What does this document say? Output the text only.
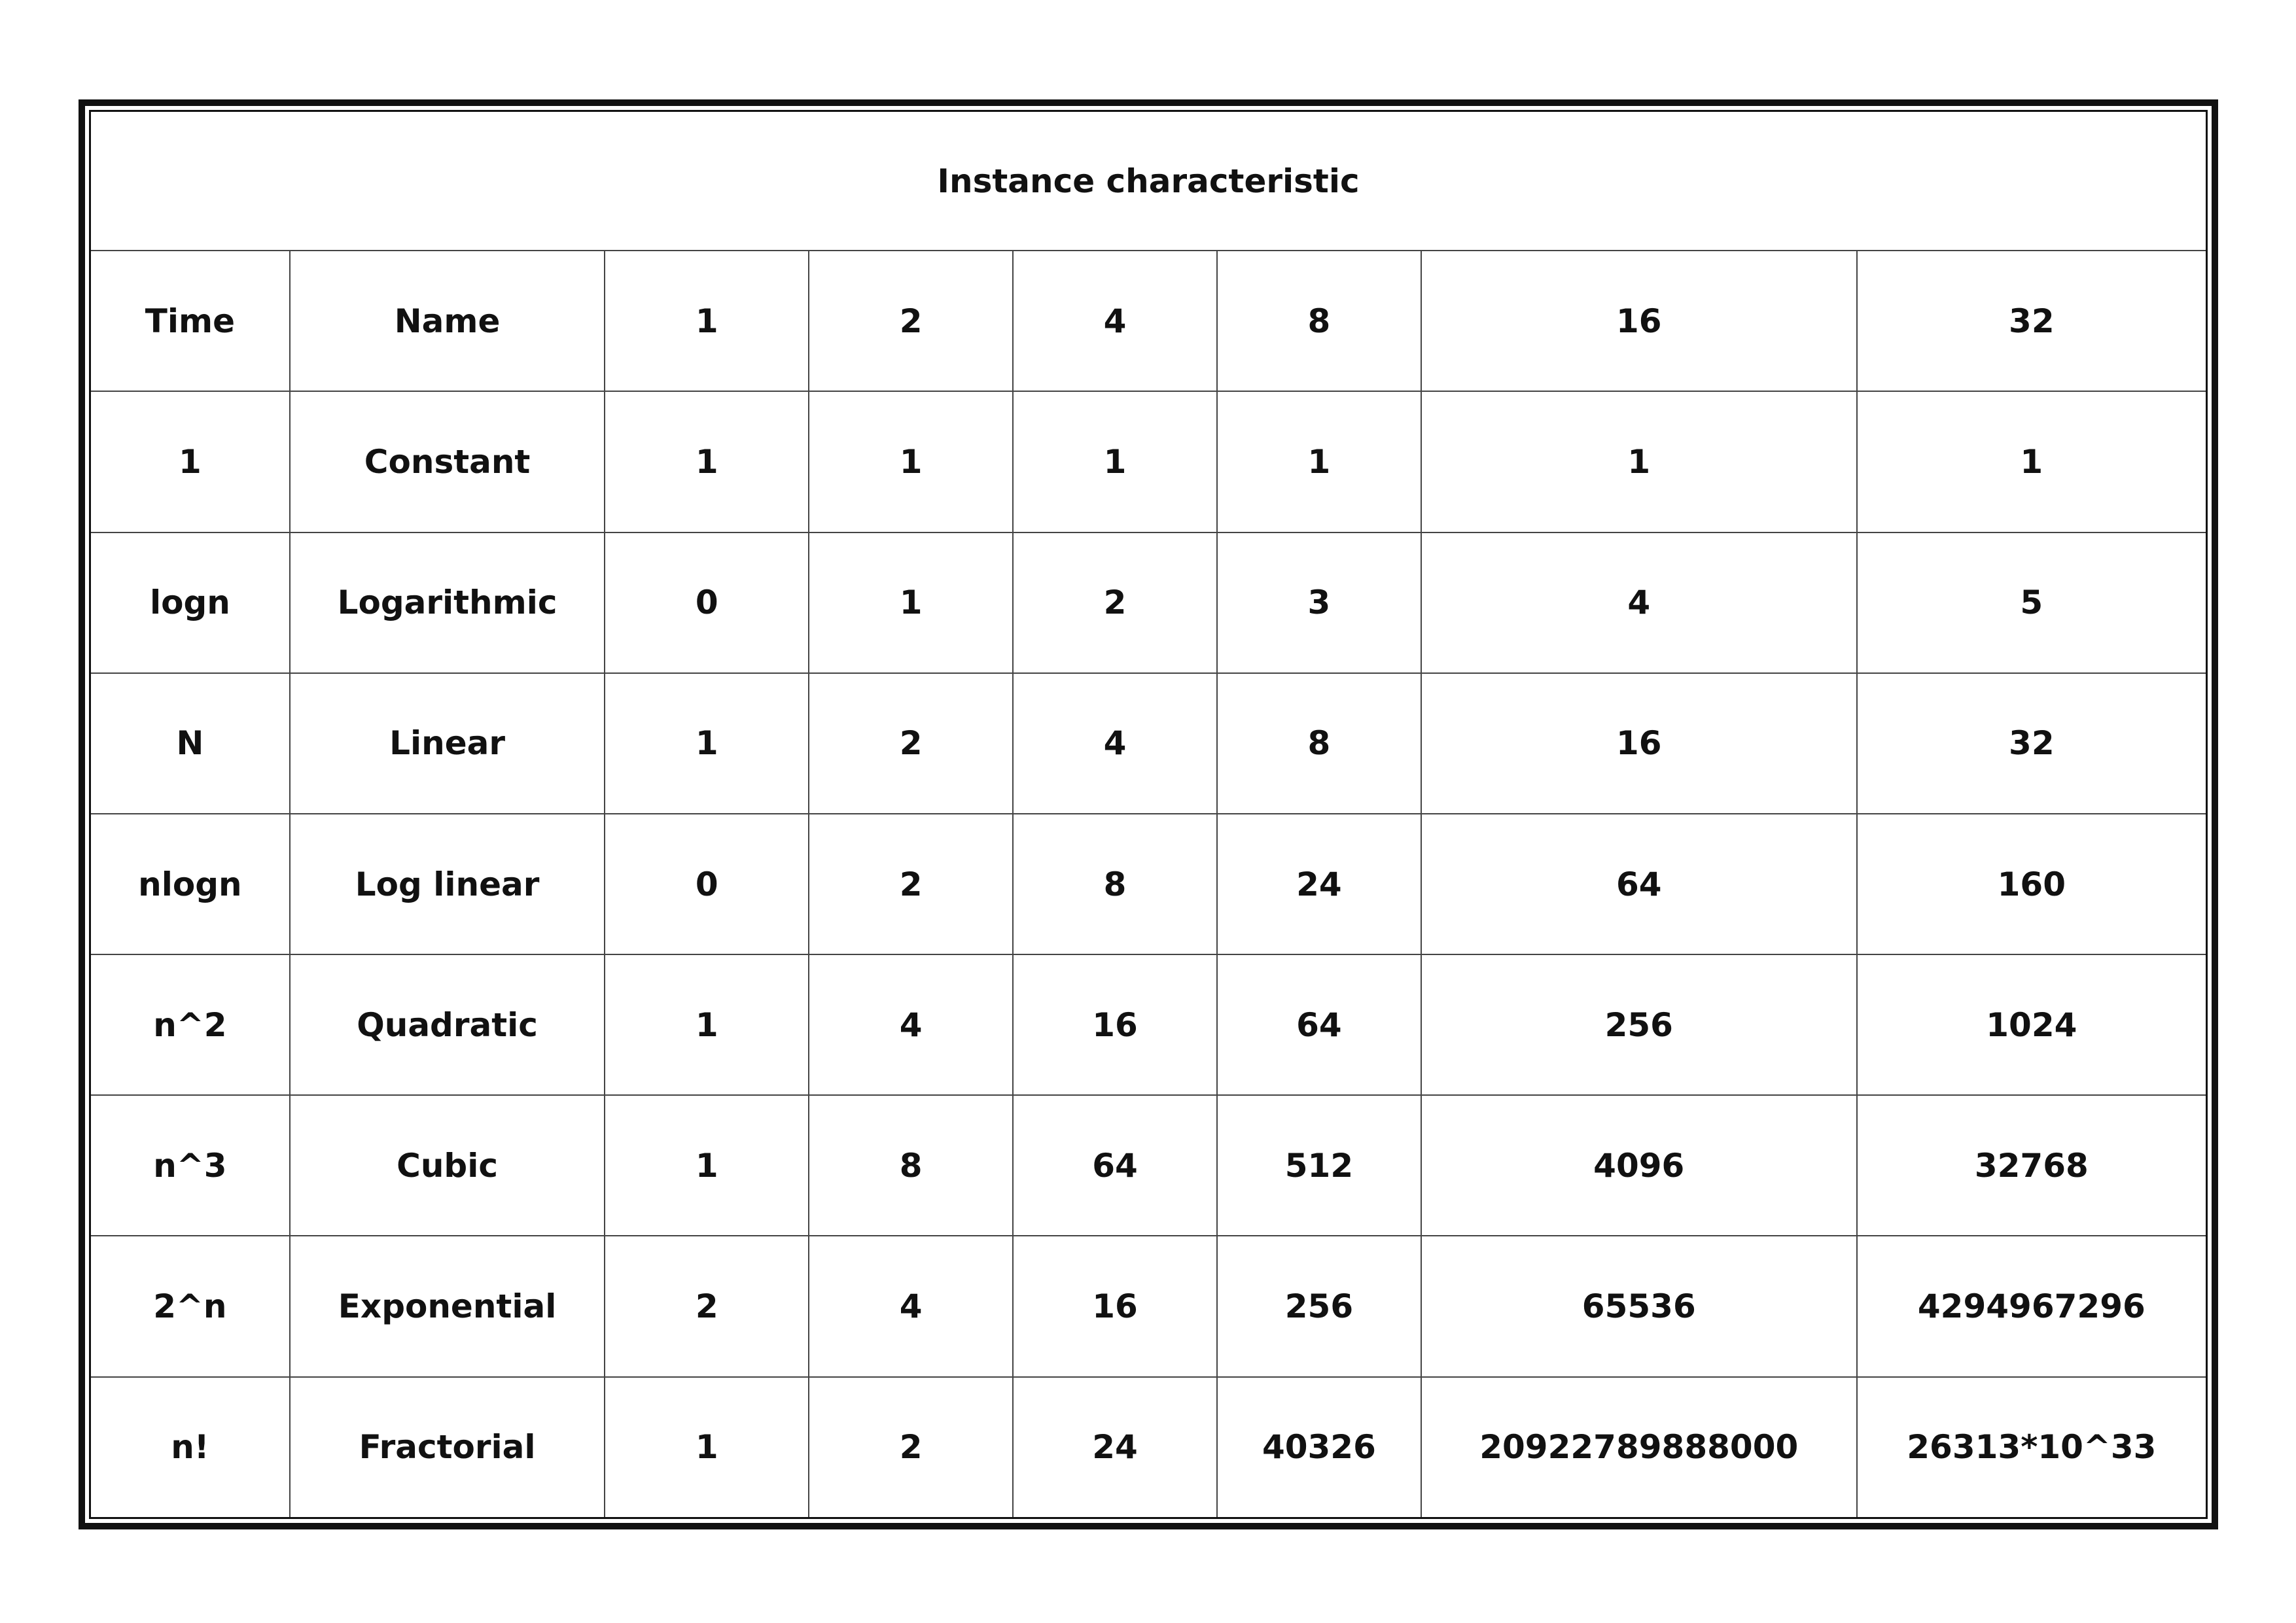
Instance characteristic							
Time	Name	1	2	4	8	16	32
1	Constant	1	1	1	1	1	1
logn	Logarithmic	0	1	2	3	4	5
N	Linear	1	2	4	8	16	32
nlogn	Log linear	0	2	8	24	64	160
n^2	Quadratic	1	4	16	64	256	1024
n^3	Cubic	1	8	64	512	4096	32768
2^n	Exponential	2	4	16	256	65536	4294967296
n!	Fractorial	1	2	24	40326	20922789888000	26313*10^33
